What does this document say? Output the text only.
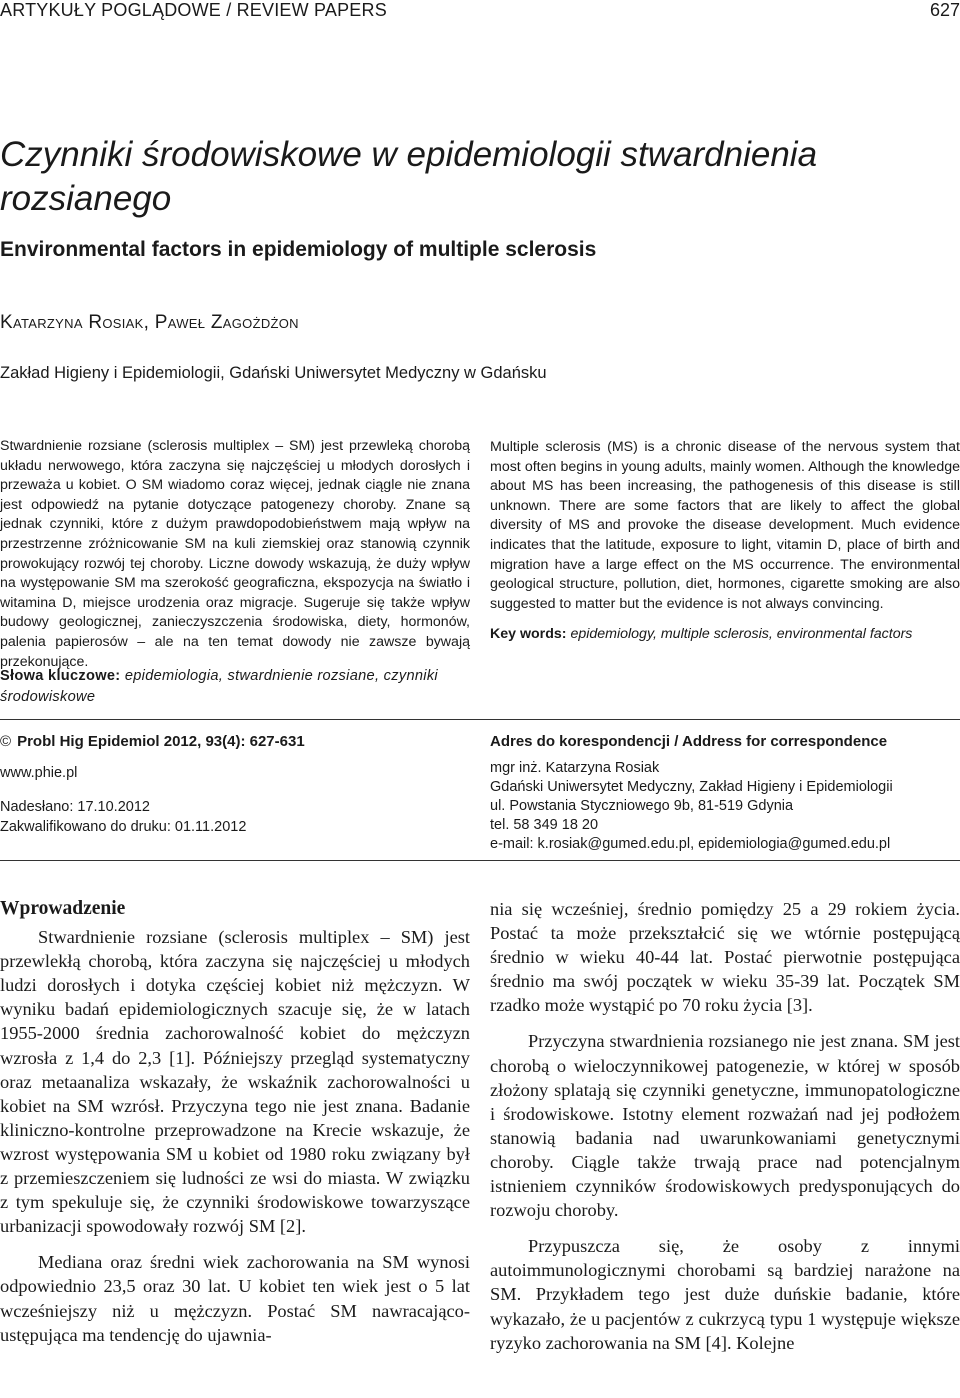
ARTYKUŁY POGLĄDOWE / REVIEW PAPERS	627
Czynniki środowiskowe w epidemiologii stwardnienia rozsianego
Environmental factors in epidemiology of multiple sclerosis
Katarzyna Rosiak, Paweł Zagożdżon
Zakład Higieny i Epidemiologii, Gdański Uniwersytet Medyczny w Gdańsku
Stwardnienie rozsiane (sclerosis multiplex – SM) jest przewleką chorobą układu nerwowego, która zaczyna się najczęściej u młodych dorosłych i przeważa u kobiet. O SM wiadomo coraz więcej, jednak ciągle nie znana jest odpowiedź na pytanie dotyczące patogenezy choroby. Znane są jednak czynniki, które z dużym prawdopodobieństwem mają wpływ na przestrzenne zróżnicowanie SM na kuli ziemskiej oraz stanowią czynnik prowokujący rozwój tej choroby. Liczne dowody wskazują, że duży wpływ na występowanie SM ma szerokość geograficzna, ekspozycja na światło i witamina D, miejsce urodzenia oraz migracje. Sugeruje się także wpływ budowy geologicznej, zanieczyszczenia środowiska, diety, hormonów, palenia papierosów – ale na ten temat dowody nie zawsze bywają przekonujące.
Multiple sclerosis (MS) is a chronic disease of the nervous system that most often begins in young adults, mainly women. Although the knowledge about MS has been increasing, the pathogenesis of this disease is still unknown. There are some factors that are likely to affect the global diversity of MS and provoke the disease development. Much evidence indicates that the latitude, exposure to light, vitamin D, place of birth and migration have a large effect on the MS occurrence. The environmental geological structure, pollution, diet, hormones, cigarette smoking are also suggested to matter but the evidence is not always convincing.
Key words: epidemiology, multiple sclerosis, environmental factors
Słowa kluczowe: epidemiologia, stwardnienie rozsiane, czynniki środowiskowe
© Probl Hig Epidemiol 2012, 93(4): 627-631
www.phie.pl
Nadesłano: 17.10.2012
Zakwalifikowano do druku: 01.11.2012
Adres do korespondencji / Address for correspondence
mgr inż. Katarzyna Rosiak
Gdański Uniwersytet Medyczny, Zakład Higieny i Epidemiologii
ul. Powstania Styczniowego 9b, 81-519 Gdynia
tel. 58 349 18 20
e-mail: k.rosiak@gumed.edu.pl, epidemiologia@gumed.edu.pl
Wprowadzenie

Stwardnienie rozsiane (sclerosis multiplex – SM) jest przewlekłą chorobą, która zaczyna się najczęściej u młodych ludzi dorosłych i dotyka częściej kobiet niż mężczyzn. W wyniku badań epidemiologicznych szacuje się, że w latach 1955-2000 średnia zachorowalność kobiet do mężczyzn wzrosła z 1,4 do 2,3 [1]. Późniejszy przegląd systematyczny oraz metaanaliza wskazały, że wskaźnik zachorowalności u kobiet na SM wzrósł. Przyczyna tego nie jest znana. Badanie kliniczno-kontrolne przeprowadzone na Krecie wskazuje, że wzrost występowania SM u kobiet od 1980 roku związany był z przemieszczeniem się ludności ze wsi do miasta. W związku z tym spekuluje się, że czynniki środowiskowe towarzyszące urbanizacji spowodowały rozwój SM [2].

Mediana oraz średni wiek zachorowania na SM wynosi odpowiednio 23,5 oraz 30 lat. U kobiet ten wiek jest o 5 lat wcześniejszy niż u mężczyzn. Postać SM nawracająco-ustępująca ma tendencję do ujawnia-

nia się wcześniej, średnio pomiędzy 25 a 29 rokiem życia. Postać ta może przekształcić się we wtórnie postępującą średnio w wieku 40-44 lat. Postać pierwotnie postępująca średnio ma swój początek w wieku 35-39 lat. Początek SM rzadko może wystąpić po 70 roku życia [3].

Przyczyna stwardnienia rozsianego nie jest znana. SM jest chorobą o wieloczynnikowej patogenezie, w której w sposób złożony splatają się czynniki genetyczne, immunopatologiczne i środowiskowe. Istotny element rozważań nad jej podłożem stanowią badania nad uwarunkowaniami genetycznymi choroby. Ciągle także trwają prace nad potencjalnym istnieniem czynników środowiskowych predysponujących do rozwoju choroby.

Przypuszcza się, że osoby z innymi autoimmunologicznymi chorobami są bardziej narażone na SM. Przykładem tego jest duże duńskie badanie, które wykazało, że u pacjentów z cukrzycą typu 1 występuje większe ryzyko zachorowania na SM [4]. Kolejne
